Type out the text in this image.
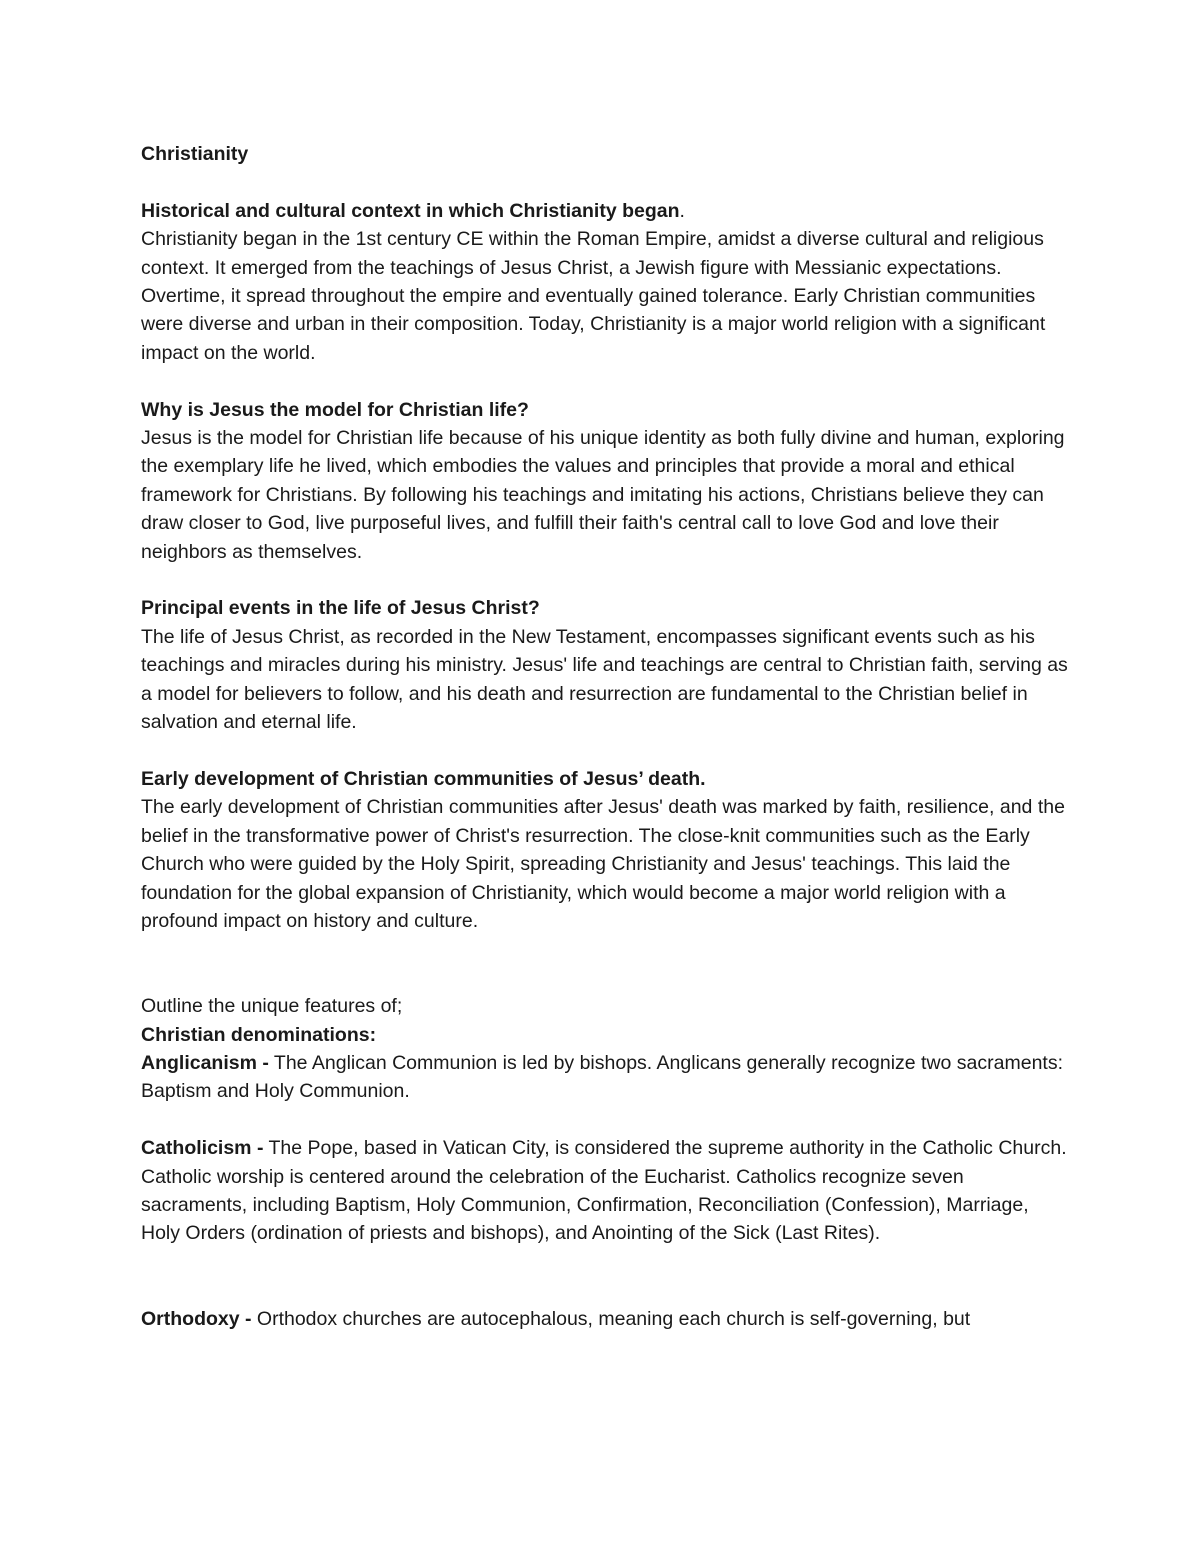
Christianity

Historical and cultural context in which Christianity began.

Christianity began in the 1st century CE within the Roman Empire, amidst a diverse cultural and religious context. It emerged from the teachings of Jesus Christ, a Jewish figure with Messianic expectations. Overtime, it spread throughout the empire and eventually gained tolerance. Early Christian communities were diverse and urban in their composition. Today, Christianity is a major world religion with a significant impact on the world.

Why is Jesus the model for Christian life?

Jesus is the model for Christian life because of his unique identity as both fully divine and human, exploring the exemplary life he lived, which embodies the values and principles that provide a moral and ethical framework for Christians. By following his teachings and imitating his actions, Christians believe they can draw closer to God, live purposeful lives, and fulfill their faith's central call to love God and love their neighbors as themselves.

Principal events in the life of Jesus Christ?

The life of Jesus Christ, as recorded in the New Testament, encompasses significant events such as his teachings and miracles during his ministry. Jesus' life and teachings are central to Christian faith, serving as a model for believers to follow, and his death and resurrection are fundamental to the Christian belief in salvation and eternal life.

Early development of Christian communities of Jesus’ death.

The early development of Christian communities after Jesus' death was marked by faith, resilience, and the belief in the transformative power of Christ's resurrection. The close-knit communities such as the Early Church who were guided by the Holy Spirit, spreading Christianity and Jesus' teachings. This laid the foundation for the global expansion of Christianity, which would become a major world religion with a profound impact on history and culture.

Outline the unique features of;

Christian denominations:

Anglicanism - The Anglican Communion is led by bishops. Anglicans generally recognize two sacraments: Baptism and Holy Communion.

Catholicism - The Pope, based in Vatican City, is considered the supreme authority in the Catholic Church. Catholic worship is centered around the celebration of the Eucharist. Catholics recognize seven sacraments, including Baptism, Holy Communion, Confirmation, Reconciliation (Confession), Marriage, Holy Orders (ordination of priests and bishops), and Anointing of the Sick (Last Rites).

Orthodoxy - Orthodox churches are autocephalous, meaning each church is self-governing, but
